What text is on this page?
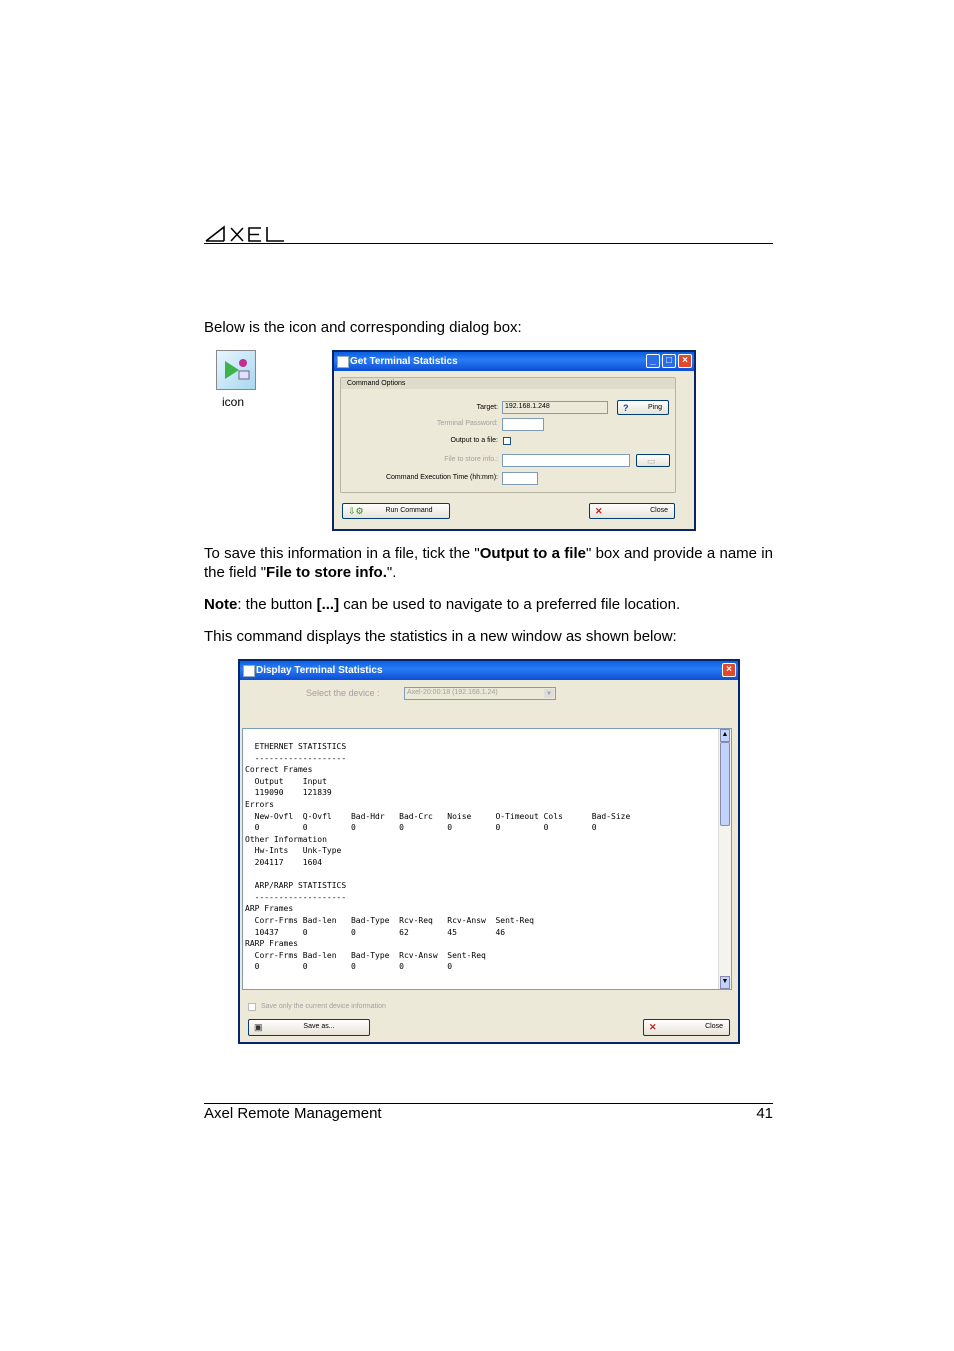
Below is the icon and corresponding dialog box:
icon
Get Terminal Statistics	_	□	×
Command Options
Target:	192.168.1.248	?	Ping
Terminal Password:
Output to a file:
File to store info.:	▭
Command Execution Time (hh:mm):
⇩⚙	Run Command	✕	Close
To save this information in a file, tick the "Output to a file" box and provide a name in the field "File to store info.".
Note: the button [...] can be used to navigate to a preferred file location.
This command displays the statistics in a new window as shown below:
Display Terminal Statistics	×
Select the device :	Axel-20:00:18 (192.168.1.24)	▼
ETHERNET STATISTICS
-------------------
Correct Frames
Output    Input
119090    121839
Errors
New-Ovfl  Q-Ovfl    Bad-Hdr   Bad-Crc   Noise     O-Timeout Cols      Bad-Size
0         0         0         0         0         0         0         0
Other Information
Hw-Ints   Unk-Type
204117    1604
ARP/RARP STATISTICS
-------------------
ARP Frames
Corr-Frms Bad-len   Bad-Type  Rcv-Req   Rcv-Answ  Sent-Req
10437     0         0         62        45        46
RARP Frames
Corr-Frms Bad-len   Bad-Type  Rcv-Answ  Sent-Req
0         0         0         0         0
▲
▼
Save only the current device information
▣	Save as...	✕	Close
Axel Remote Management	41
